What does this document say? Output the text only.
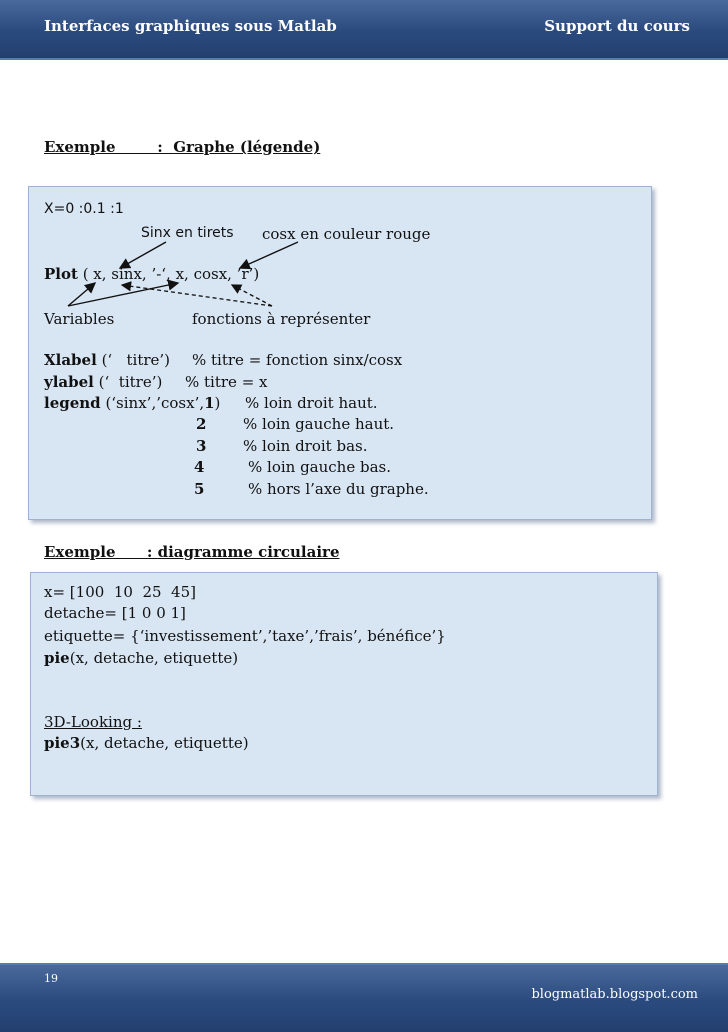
Interfaces graphiques sous Matlab	Support du cours
Exemple        :  Graphe (légende)
X=0 :0.1 :1
Sinx en tirets cosx en couleur rouge
Plot ( x, sinx, ’-‘, x, cosx, ’r’)
Variables	fonctions à représenter
Xlabel (‘   titre’) % titre = fonction sinx/cosx
ylabel (‘  titre’) % titre = x
legend (‘sinx’,’cosx’,1) % loin droit haut.
2 % loin gauche haut.
3 % loin droit bas.
4	% loin gauche bas.
5	% hors l’axe du graphe.
Exemple      : diagramme circulaire
x= [100  10  25  45]
detache= [1 0 0 1]
etiquette= {‘investissement’,’taxe’,’frais’, bénéfice’}
pie(x, detache, etiquette)
3D-Looking :
pie3(x, detache, etiquette)
19
blogmatlab.blogspot.com
